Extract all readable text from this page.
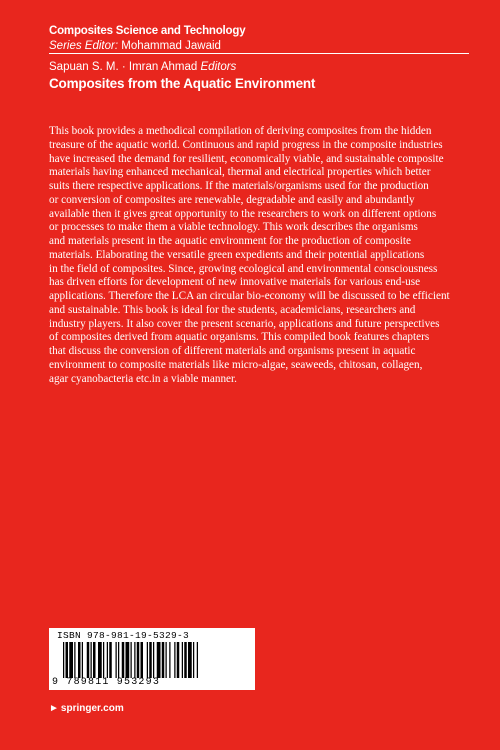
Composites Science and Technology
Series Editor: Mohammad Jawaid
Sapuan S. M. · Imran Ahmad Editors
Composites from the Aquatic Environment
This book provides a methodical compilation of deriving composites from the hidden
treasure of the aquatic world. Continuous and rapid progress in the composite industries
have increased the demand for resilient, economically viable, and sustainable composite
materials having enhanced mechanical, thermal and electrical properties which better
suits there respective applications. If the materials/organisms used for the production
or conversion of composites are renewable, degradable and easily and abundantly
available then it gives great opportunity to the researchers to work on different options
or processes to make them a viable technology. This work describes the organisms
and materials present in the aquatic environment for the production of composite
materials. Elaborating the versatile green expedients and their potential applications
in the field of composites. Since, growing ecological and environmental consciousness
has driven efforts for development of new innovative materials for various end-use
applications. Therefore the LCA an circular bio-economy will be discussed to be efficient
and sustainable. This book is ideal for the students, academicians, researchers and
industry players. It also cover the present scenario, applications and future perspectives
of composites derived from aquatic organisms. This compiled book features chapters
that discuss the conversion of different materials and organisms present in aquatic
environment to composite materials like micro-algae, seaweeds, chitosan, collagen,
agar cyanobacteria etc.in a viable manner.
ISBN 978-981-19-5329-3
9 789811 953293
► springer.com
